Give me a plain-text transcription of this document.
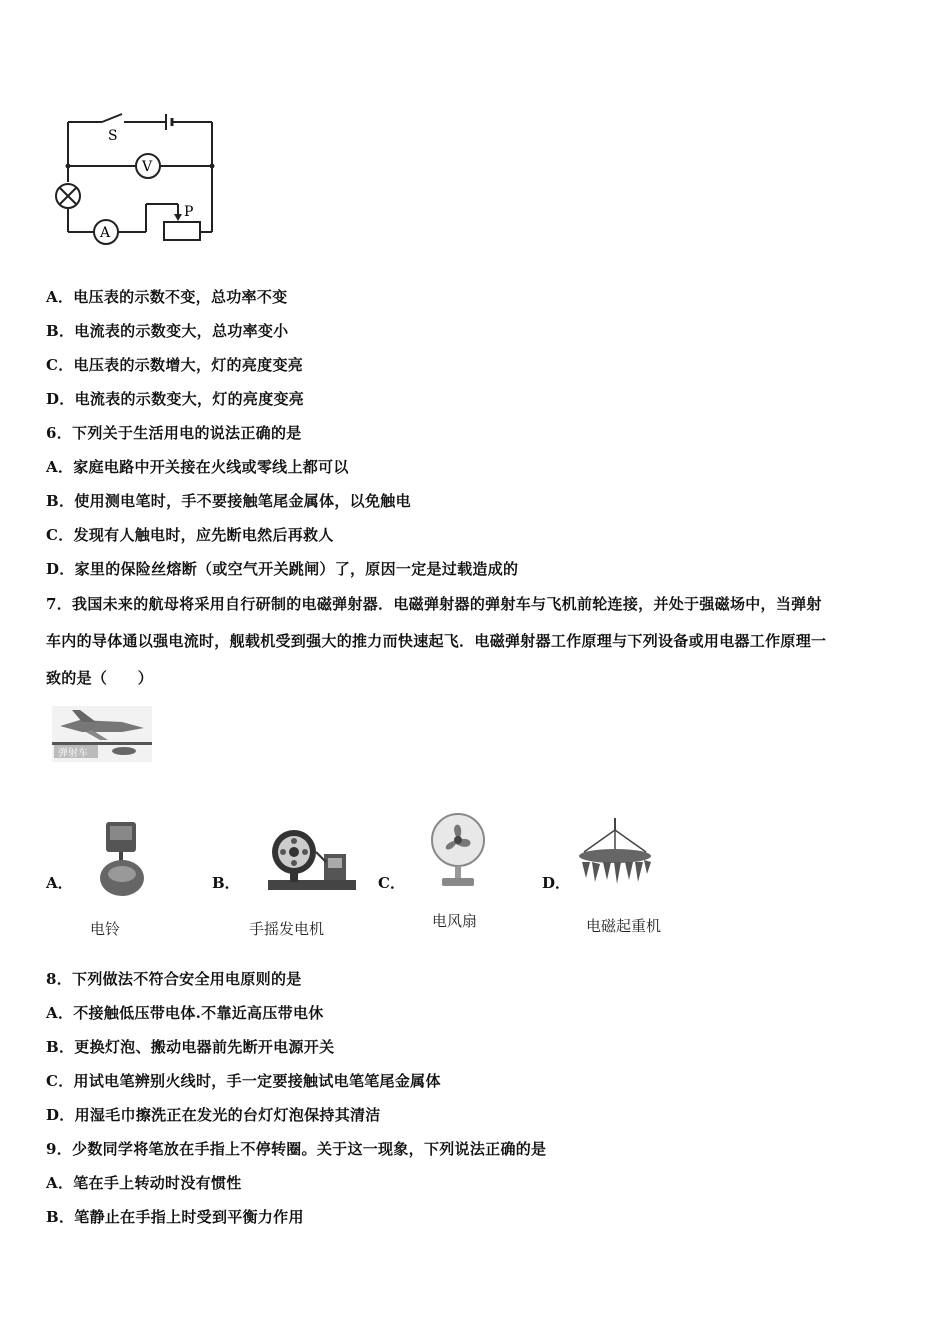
S
V
A
P
A．电压表的示数不变，总功率不变
B．电流表的示数变大，总功率变小
C．电压表的示数增大，灯的亮度变亮
D．电流表的示数变大，灯的亮度变亮
6．下列关于生活用电的说法正确的是
A．家庭电路中开关接在火线或零线上都可以
B．使用测电笔时，手不要接触笔尾金属体，以免触电
C．发现有人触电时，应先断电然后再救人
D．家里的保险丝熔断（或空气开关跳闸）了，原因一定是过载造成的
7．我国未来的航母将采用自行研制的电磁弹射器．电磁弹射器的弹射车与飞机前轮连接，并处于强磁场中，当弹射
车内的导体通以强电流时，舰载机受到强大的推力而快速起飞．电磁弹射器工作原理与下列设备或用电器工作原理一
致的是（　　）
弹射车
A．	B．	C．	D．
电铃	手摇发电机	电风扇	电磁起重机
8．下列做法不符合安全用电原则的是
A．不接触低压带电体.不靠近高压带电休
B．更换灯泡、搬动电器前先断开电源开关
C．用试电笔辨别火线时，手一定要接触试电笔笔尾金属体
D．用湿毛巾擦洗正在发光的台灯灯泡保持其清洁
9．少数同学将笔放在手指上不停转圈。关于这一现象，下列说法正确的是
A．笔在手上转动时没有惯性
B．笔静止在手指上时受到平衡力作用
